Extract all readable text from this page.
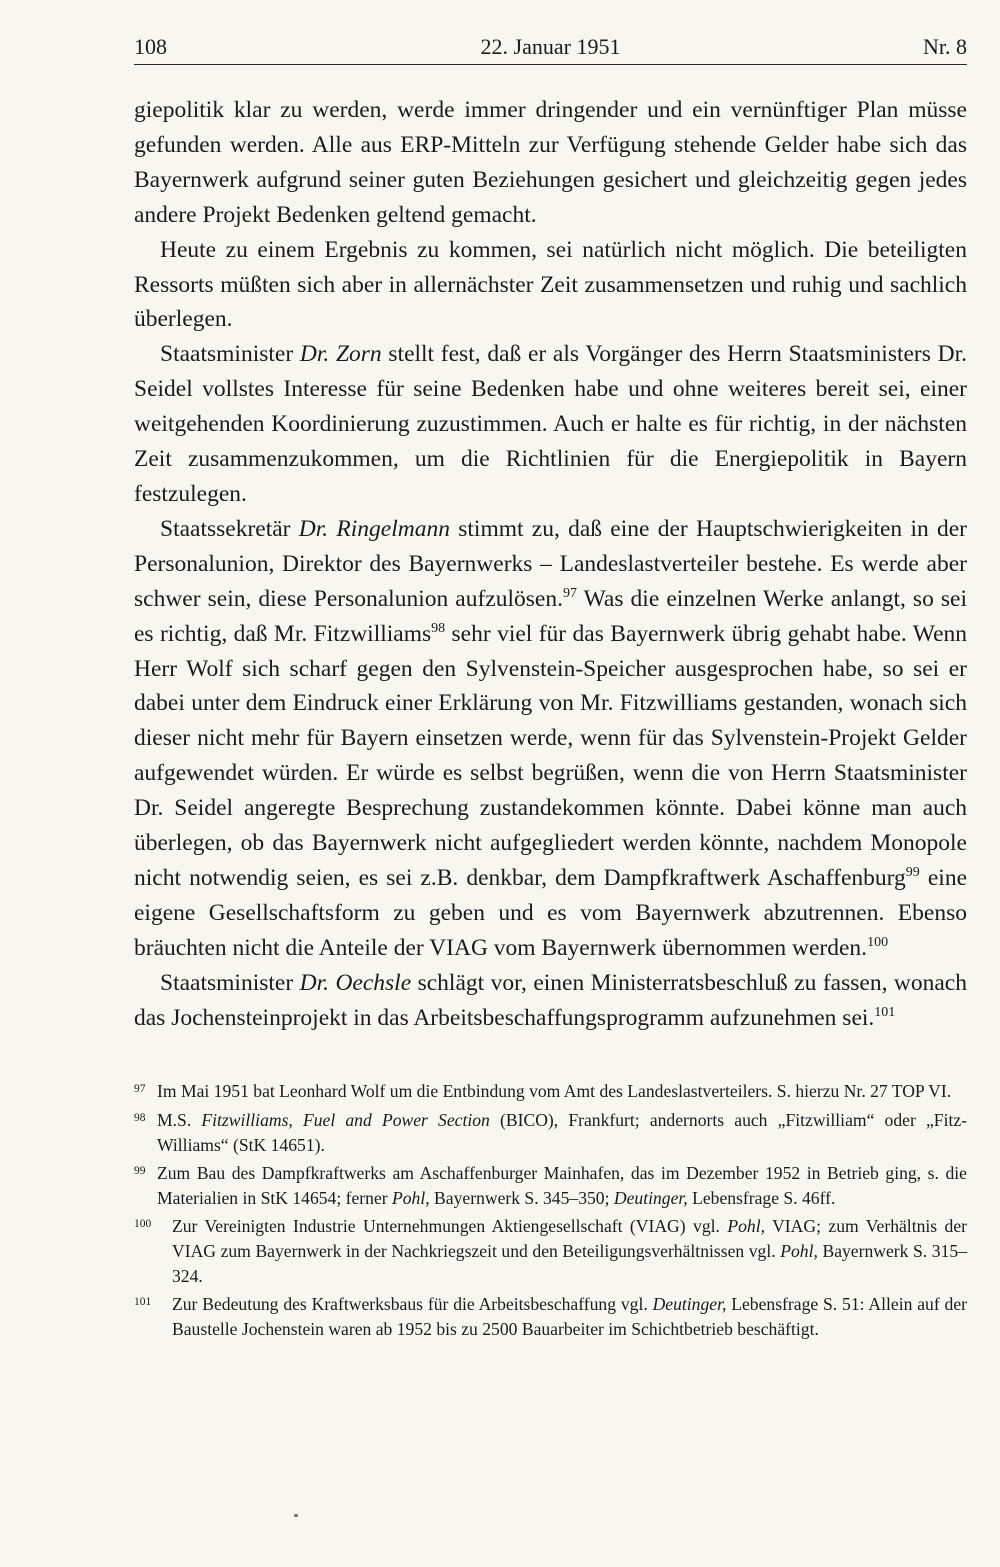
108	22. Januar 1951	Nr. 8

giepolitik klar zu werden, werde immer dringender und ein vernünftiger Plan müsse gefunden werden. Alle aus ERP-Mitteln zur Verfügung stehende Gelder habe sich das Bayernwerk aufgrund seiner guten Beziehungen gesichert und gleichzeitig gegen jedes andere Projekt Bedenken geltend gemacht.

Heute zu einem Ergebnis zu kommen, sei natürlich nicht möglich. Die beteiligten Ressorts müßten sich aber in allernächster Zeit zusammensetzen und ruhig und sachlich überlegen.

Staatsminister Dr. Zorn stellt fest, daß er als Vorgänger des Herrn Staatsministers Dr. Seidel vollstes Interesse für seine Bedenken habe und ohne weiteres bereit sei, einer weitgehenden Koordinierung zuzustimmen. Auch er halte es für richtig, in der nächsten Zeit zusammenzukommen, um die Richtlinien für die Energiepolitik in Bayern festzulegen.

Staatssekretär Dr. Ringelmann stimmt zu, daß eine der Hauptschwierigkeiten in der Personalunion, Direktor des Bayernwerks – Landeslastverteiler bestehe. Es werde aber schwer sein, diese Personalunion aufzulösen.$^{97}$ Was die einzelnen Werke anlangt, so sei es richtig, daß Mr. Fitzwilliams$^{98}$ sehr viel für das Bayernwerk übrig gehabt habe. Wenn Herr Wolf sich scharf gegen den Sylvenstein-Speicher ausgesprochen habe, so sei er dabei unter dem Eindruck einer Erklärung von Mr. Fitzwilliams gestanden, wonach sich dieser nicht mehr für Bayern einsetzen werde, wenn für das Sylvenstein-Projekt Gelder aufgewendet würden. Er würde es selbst begrüßen, wenn die von Herrn Staatsminister Dr. Seidel angeregte Besprechung zustandekommen könnte. Dabei könne man auch überlegen, ob das Bayernwerk nicht aufgegliedert werden könnte, nachdem Monopole nicht notwendig seien, es sei z.B. denkbar, dem Dampfkraftwerk Aschaffenburg$^{99}$ eine eigene Gesellschaftsform zu geben und es vom Bayernwerk abzutrennen. Ebenso bräuchten nicht die Anteile der VIAG vom Bayernwerk übernommen werden.$^{100}$

Staatsminister Dr. Oechsle schlägt vor, einen Ministerratsbeschluß zu fassen, wonach das Jochensteinprojekt in das Arbeitsbeschaffungsprogramm aufzunehmen sei.$^{101}$

97 Im Mai 1951 bat Leonhard Wolf um die Entbindung vom Amt des Landeslastverteilers. S. hierzu Nr. 27 TOP VI.
98 M.S. Fitzwilliams, Fuel and Power Section (BICO), Frankfurt; andernorts auch „Fitzwilliam“ oder „Fitz-Williams“ (StK 14651).
99 Zum Bau des Dampfkraftwerks am Aschaffenburger Mainhafen, das im Dezember 1952 in Betrieb ging, s. die Materialien in StK 14654; ferner Pohl, Bayernwerk S. 345–350; Deutinger, Lebensfrage S. 46ff.
100 Zur Vereinigten Industrie Unternehmungen Aktiengesellschaft (VIAG) vgl. Pohl, VIAG; zum Verhältnis der VIAG zum Bayernwerk in der Nachkriegszeit und den Beteiligungsverhältnissen vgl. Pohl, Bayernwerk S. 315–324.
101 Zur Bedeutung des Kraftwerksbaus für die Arbeitsbeschaffung vgl. Deutinger, Lebensfrage S. 51: Allein auf der Baustelle Jochenstein waren ab 1952 bis zu 2500 Bauarbeiter im Schichtbetrieb beschäftigt.
